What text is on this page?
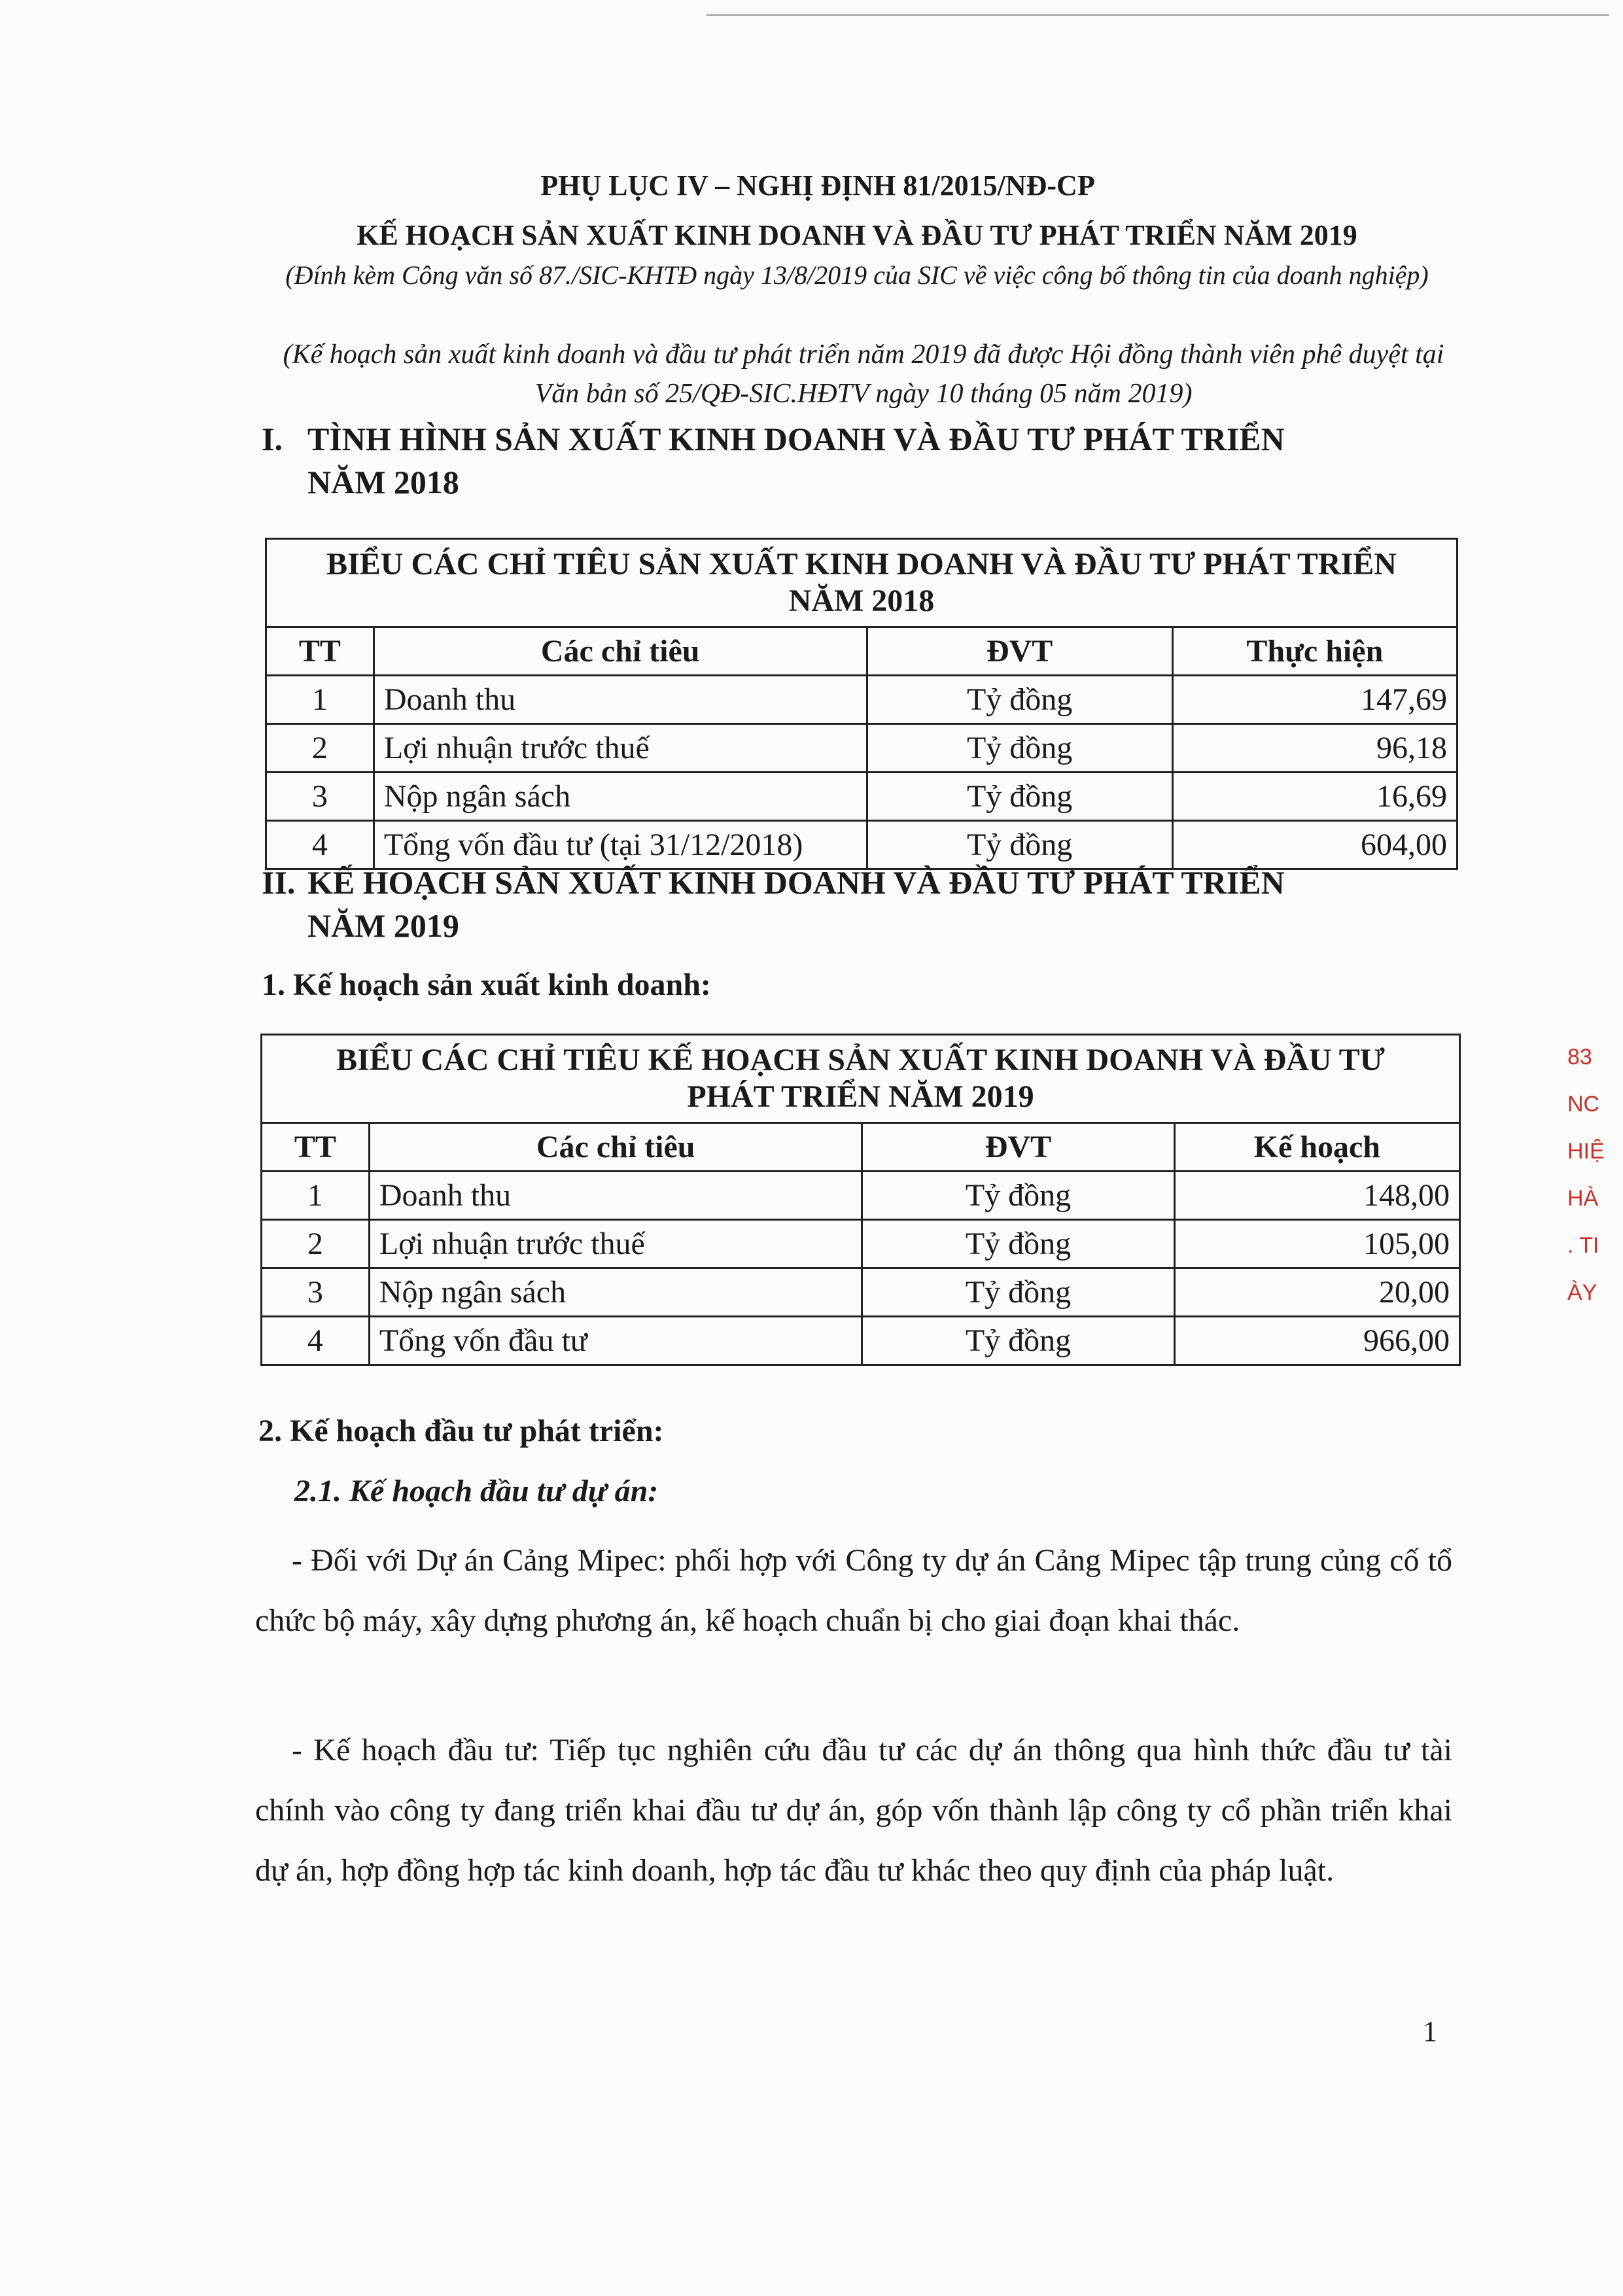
PHỤ LỤC IV – NGHỊ ĐỊNH 81/2015/NĐ-CP
KẾ HOẠCH SẢN XUẤT KINH DOANH VÀ ĐẦU TƯ PHÁT TRIỂN NĂM 2019
(Đính kèm Công văn số 87./SIC-KHTĐ ngày 13/8/2019 của SIC về việc công bố thông tin của doanh nghiệp)
(Kế hoạch sản xuất kinh doanh và đầu tư phát triển năm 2019 đã được Hội đồng thành viên phê duyệt tại Văn bản số 25/QĐ-SIC.HĐTV ngày 10 tháng 05 năm 2019)
I. TÌNH HÌNH SẢN XUẤT KINH DOANH VÀ ĐẦU TƯ PHÁT TRIỂN
NĂM 2018
BIỂU CÁC CHỈ TIÊU SẢN XUẤT KINH DOANH VÀ ĐẦU TƯ PHÁT TRIỂN
NĂM 2018			

TT	Các chỉ tiêu	ĐVT	Thực hiện
1	Doanh thu	Tỷ đồng	147,69
2	Lợi nhuận trước thuế	Tỷ đồng	96,18
3	Nộp ngân sách	Tỷ đồng	16,69
4	Tổng vốn đầu tư (tại 31/12/2018)	Tỷ đồng	604,00
II. KẾ HOẠCH SẢN XUẤT KINH DOANH VÀ ĐẦU TƯ PHÁT TRIỂN
NĂM 2019
1. Kế hoạch sản xuất kinh doanh:
BIỂU CÁC CHỈ TIÊU KẾ HOẠCH SẢN XUẤT KINH DOANH VÀ ĐẦU TƯ
PHÁT TRIỂN NĂM 2019			

TT	Các chỉ tiêu	ĐVT	Kế hoạch
1	Doanh thu	Tỷ đồng	148,00
2	Lợi nhuận trước thuế	Tỷ đồng	105,00
3	Nộp ngân sách	Tỷ đồng	20,00
4	Tổng vốn đầu tư	Tỷ đồng	966,00
2. Kế hoạch đầu tư phát triển:
2.1. Kế hoạch đầu tư dự án:
- Đối với Dự án Cảng Mipec: phối hợp với Công ty dự án Cảng Mipec tập trung củng cố tổ chức bộ máy, xây dựng phương án, kế hoạch chuẩn bị cho giai đoạn khai thác.
- Kế hoạch đầu tư: Tiếp tục nghiên cứu đầu tư các dự án thông qua hình thức đầu tư tài chính vào công ty đang triển khai đầu tư dự án, góp vốn thành lập công ty cổ phần triển khai dự án, hợp đồng hợp tác kinh doanh, hợp tác đầu tư khác theo quy định của pháp luật.
1
83
NC
HIỆ
HÀ
. TI
ÀY
